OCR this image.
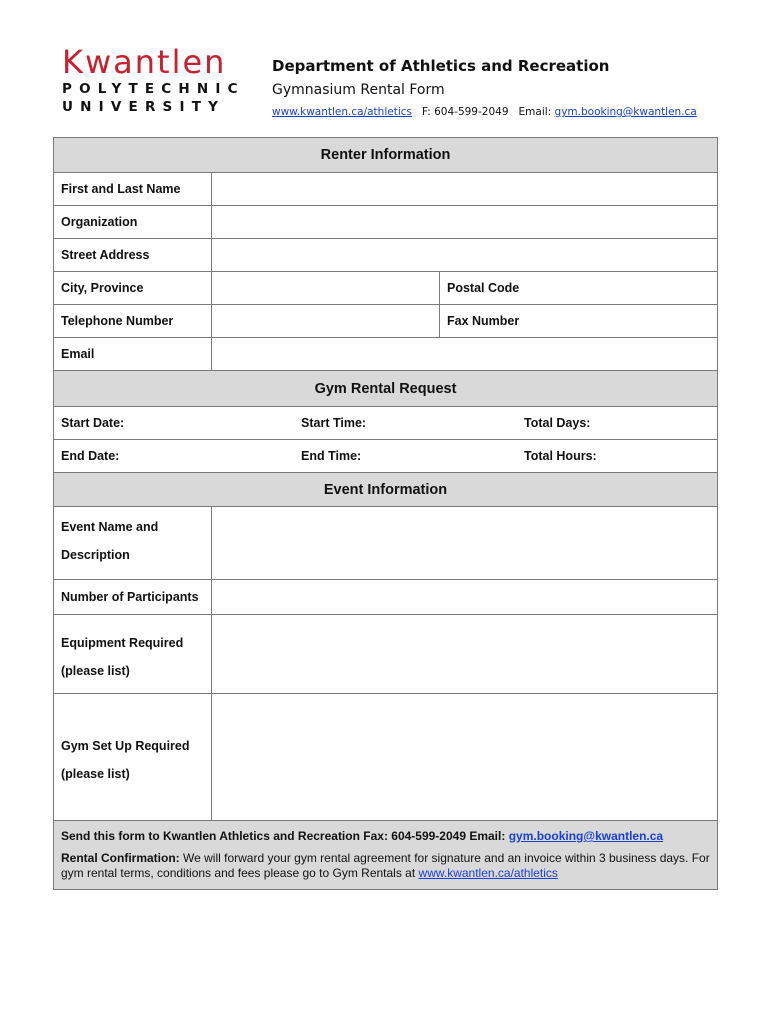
Kwantlen
POLYTECHNIC
UNIVERSITY
Department of Athletics and Recreation
Gymnasium Rental Form
www.kwantlen.ca/athletics F: 604-599-2049 Email: gym.booking@kwantlen.ca
Renter Information		
First and Last Name		
Organization		
Street Address		
City, Province		Postal Code
Telephone Number		Fax Number
Email		
Gym Rental Request		

Start Date: Start Time: Total Days:		

End Date: End Time: Total Hours:		

Event Information		

Event Name and
Description		

Number of Participants		

Equipment Required
(please list)		

Gym Set Up Required
(please list)		

Send this form to Kwantlen Athletics and Recreation Fax: 604-599-2049 Email: gym.booking@kwantlen.ca
Rental Confirmation: We will forward your gym rental agreement for signature and an invoice within 3 business days. For gym rental terms, conditions and fees please go to Gym Rentals at www.kwantlen.ca/athletics		
